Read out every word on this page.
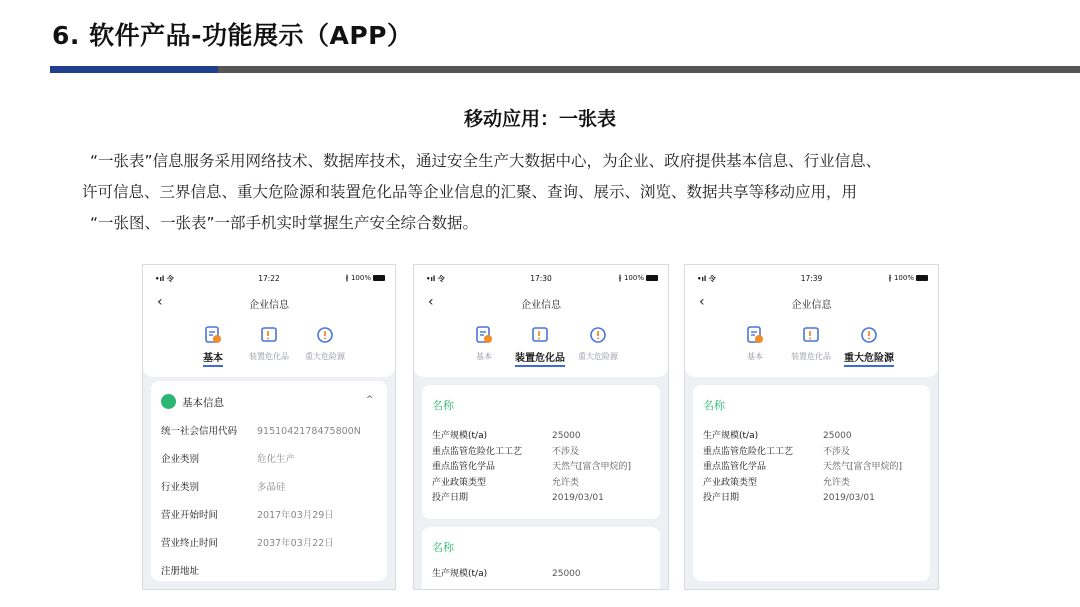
6. 软件产品-功能展示（APP）
移动应用：一张表
“一张表”信息服务采用网络技术、数据库技术，通过安全生产大数据中心，为企业、政府提供基本信息、行业信息、
许可信息、三界信息、重大危险源和装置危化品等企业信息的汇聚、查询、展示、浏览、数据共享等移动应用，用
“一张图、一张表”一部手机实时掌握生产安全综合数据。
•ıl 令	17:22	∦ 100%
‹	企业信息
基本	装置危化品	重大危险源
基本信息	^
统一社会信用代码 9151042178475800N
企业类别	危化生产
行业类别	多晶硅
营业开始时间	2017年03月29日
营业终止时间	2037年03月22日
注册地址
•ıl 令	17:30	∦ 100%
‹	企业信息
基本	装置危化品	重大危险源
名称
生产规模(t/a)	25000
重点监管危险化工工艺	不涉及
重点监管化学品	天然气[富含甲烷的]
产业政策类型	允许类
投产日期	2019/03/01
名称
生产规模(t/a)	25000
•ıl 令	17:39	∦ 100%
‹	企业信息
基本	装置危化品	重大危险源
名称
生产规模(t/a)	25000
重点监管危险化工工艺	不涉及
重点监管化学品	天然气[富含甲烷的]
产业政策类型	允许类
投产日期	2019/03/01
